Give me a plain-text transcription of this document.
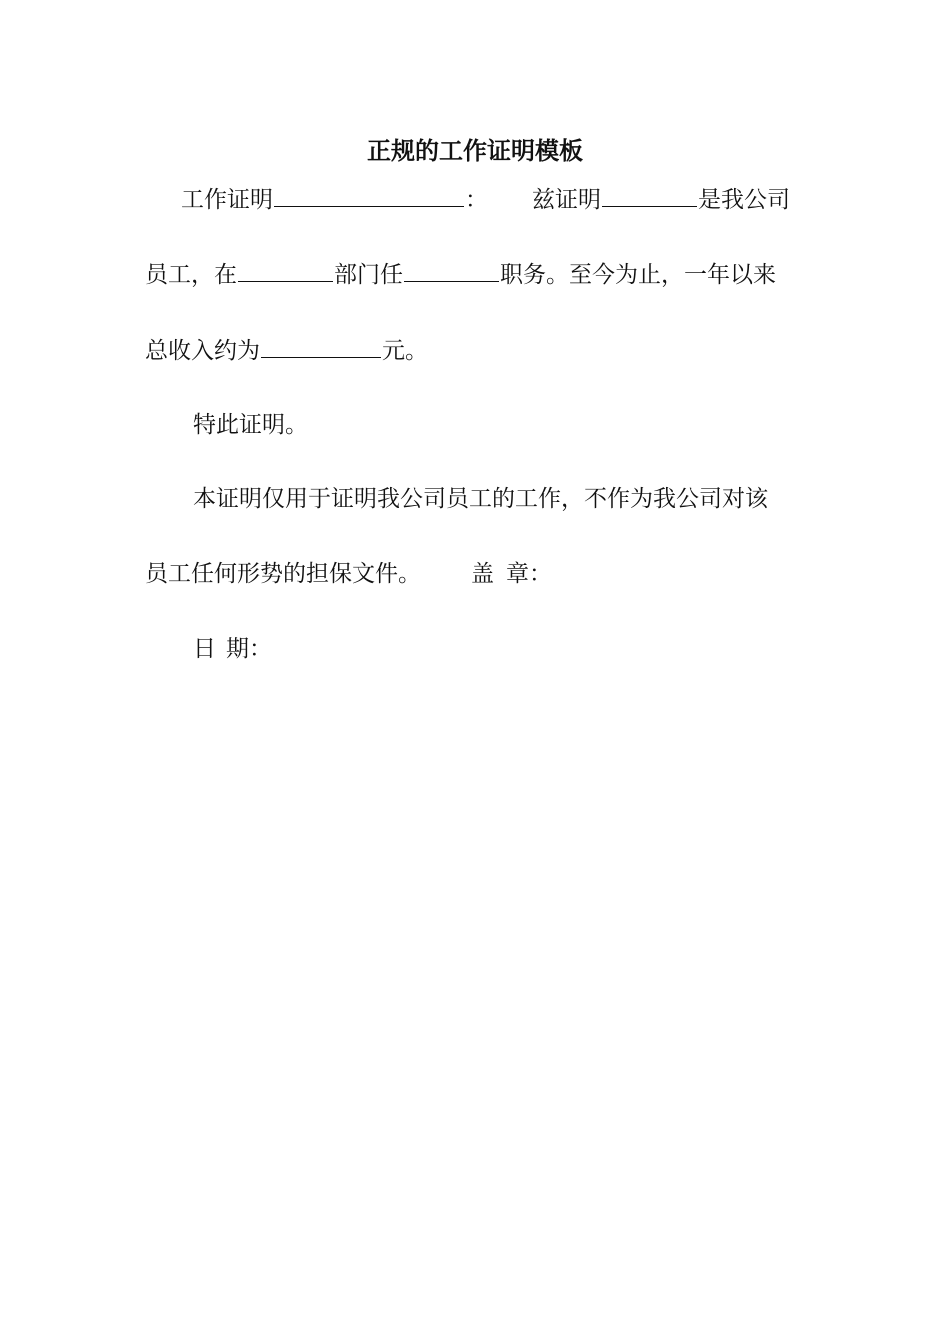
正规的工作证明模板
工作证明	： 兹证明	是我公司
员工，在	部门任	职务。至今为止，一年以来
总收入约为	元。
特此证明。
本证明仅用于证明我公司员工的工作，不作为我公司对该
员工任何形势的担保文件。 盖 章：
日 期：
